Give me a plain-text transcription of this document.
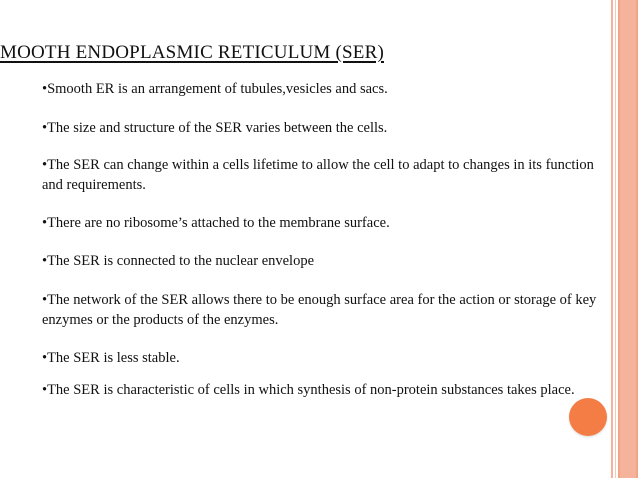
MOOTH ENDOPLASMIC RETICULUM (SER)
•Smooth ER is an arrangement of tubules,vesicles and sacs.
•The size and structure of the SER varies between the cells.
•The SER can change within a cells lifetime to allow the cell to adapt to changes in its function and requirements.
•There are no ribosome’s attached to the membrane surface.
•The SER is connected to the nuclear envelope
•The network of the SER allows there to be enough surface area for the action or storage of key enzymes or the products of the enzymes.
•The SER is less stable.
•The SER is characteristic of cells in which synthesis of non-protein substances takes place.
